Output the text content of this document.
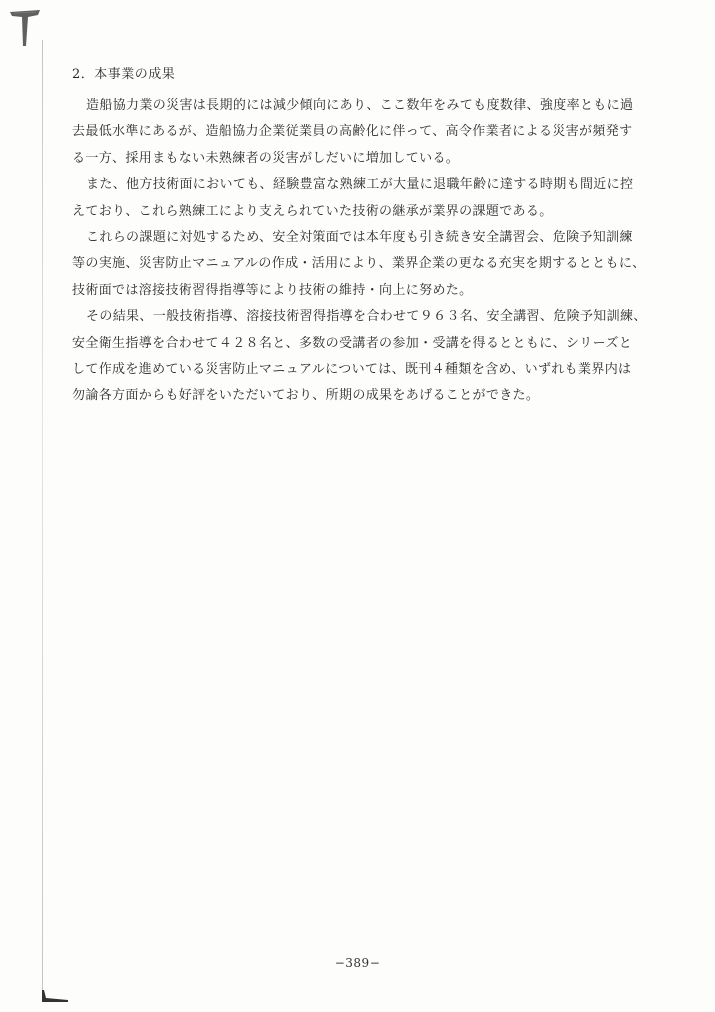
2．本事業の成果
造船協力業の災害は長期的には減少傾向にあり、ここ数年をみても度数律、強度率ともに過
去最低水準にあるが、造船協力企業従業員の高齢化に伴って、高令作業者による災害が頻発す
る一方、採用まもない未熟練者の災害がしだいに増加している。
また、他方技術面においても、経験豊富な熟練工が大量に退職年齢に達する時期も間近に控
えており、これら熟練工により支えられていた技術の継承が業界の課題である。
これらの課題に対処するため、安全対策面では本年度も引き続き安全講習会、危険予知訓練
等の実施、災害防止マニュアルの作成・活用により、業界企業の更なる充実を期するとともに、
技術面では溶接技術習得指導等により技術の維持・向上に努めた。
その結果、一般技術指導、溶接技術習得指導を合わせて９６３名、安全講習、危険予知訓練、
安全衛生指導を合わせて４２８名と、多数の受講者の参加・受講を得るとともに、シリーズと
して作成を進めている災害防止マニュアルについては、既刊４種類を含め、いずれも業界内は
勿論各方面からも好評をいただいており、所期の成果をあげることができた。
−389−
